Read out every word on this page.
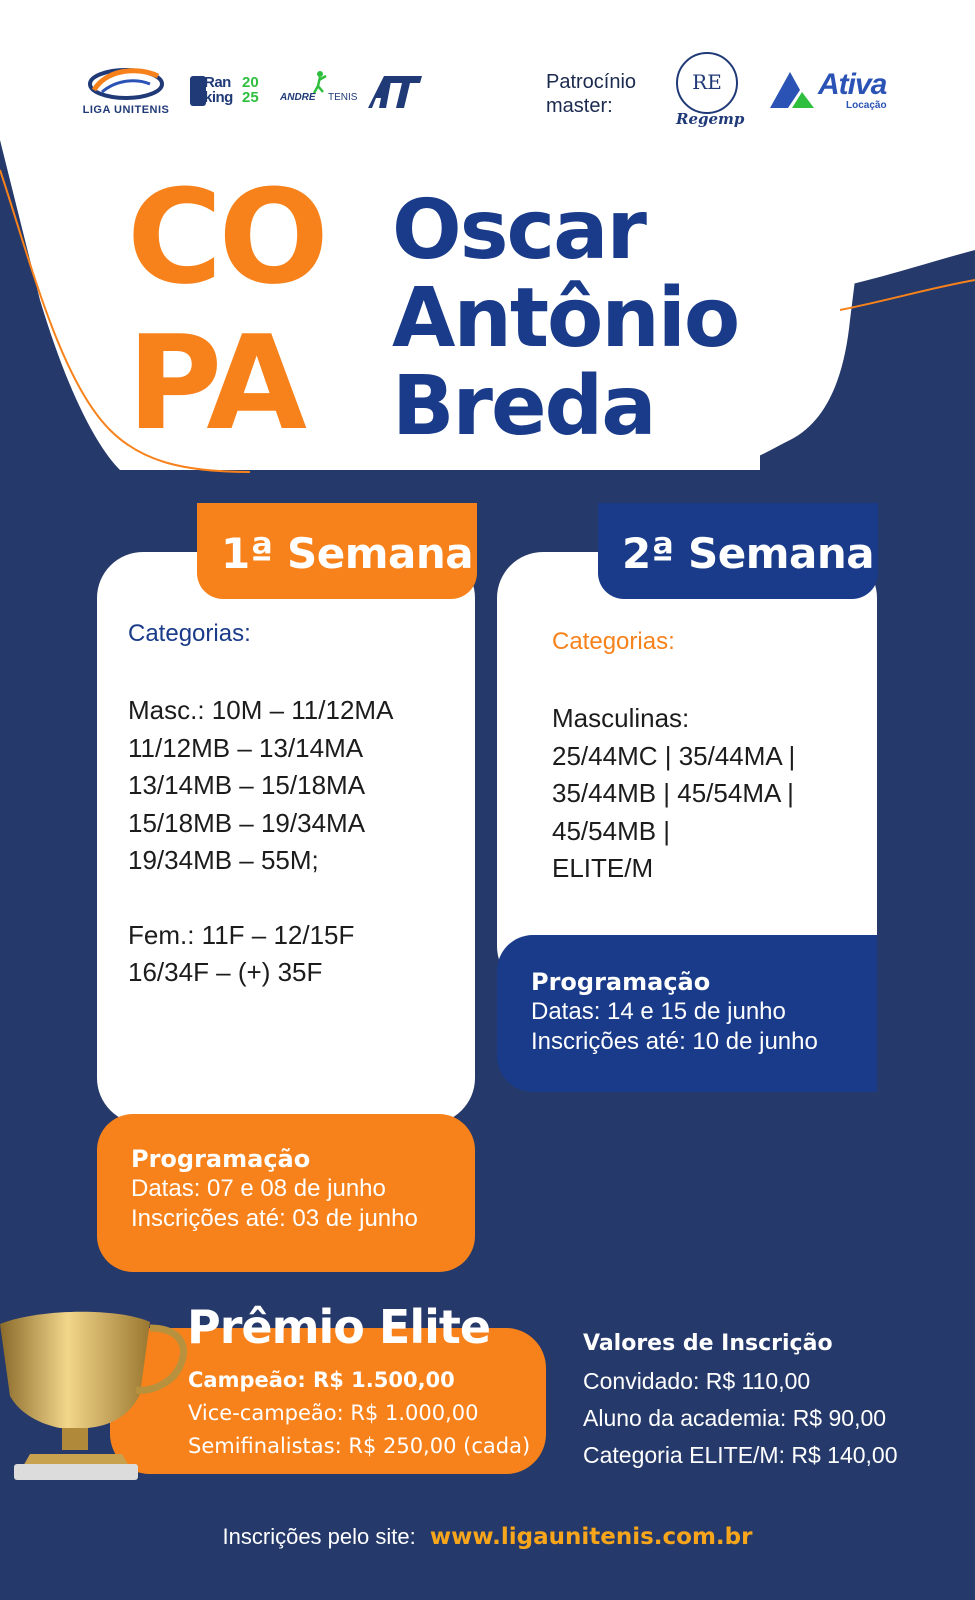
LIGA UNITENIS
Ran
king
20
25 ANDRE TENIS
Patrocínio
master:
RE
Regemp
Ativa
Locação
CO
PA
Oscar
Antônio
Breda
1ª Semana
Categorias:
Masc.: 10M – 11/12MA
11/12MB – 13/14MA
13/14MB – 15/18MA
15/18MB – 19/34MA
19/34MB – 55M;
Fem.: 11F – 12/15F
16/34F – (+) 35F
Programação
Datas: 07 e 08 de junho
Inscrições até: 03 de junho
2ª Semana
Categorias:
Masculinas:
25/44MC | 35/44MA |
35/44MB | 45/54MA |
45/54MB |
ELITE/M
Programação
Datas: 14 e 15 de junho
Inscrições até: 10 de junho
Prêmio Elite
Campeão: R$ 1.500,00
Vice-campeão: R$ 1.000,00
Semifinalistas: R$ 250,00 (cada)
Valores de Inscrição
Convidado: R$ 110,00
Aluno da academia: R$ 90,00
Categoria ELITE/M: R$ 140,00
Inscrições pelo site: www.ligaunitenis.com.br
